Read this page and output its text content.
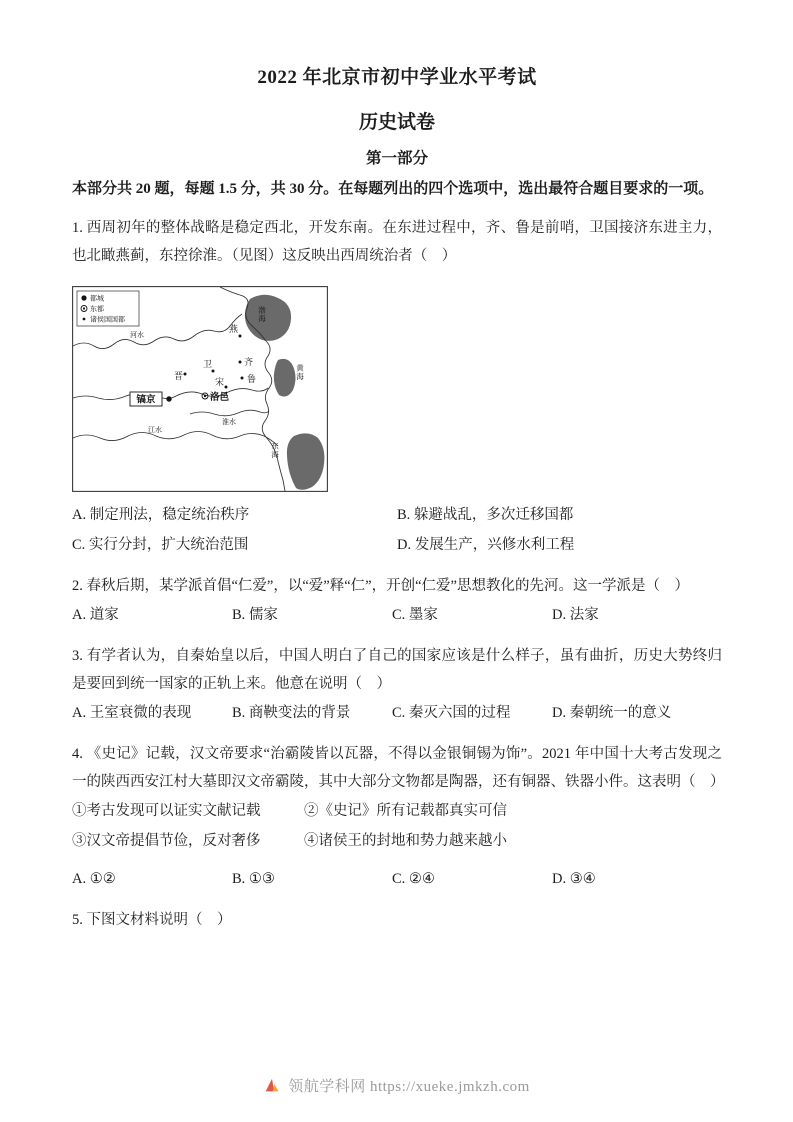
2022 年北京市初中学业水平考试
历史试卷
第一部分

本部分共 20 题，每题 1.5 分，共 30 分。在每题列出的四个选项中，选出最符合题目要求的一项。

1. 西周初年的整体战略是稳定西北，开发东南。在东进过程中，齐、鲁是前哨，卫国接济东进主力，也北瞰燕蓟，东控徐淮。（见图）这反映出西周统治者（　）

都城
东都
诸侯国国都
燕
晋
卫	齐
鲁
宋
洛邑
镐京
渤海
黄海
东海
河水
淮水
江水
A. 制定刑法，稳定统治秩序	B. 躲避战乱，多次迁移国都
C. 实行分封，扩大统治范围	D. 发展生产，兴修水利工程

2. 春秋后期，某学派首倡“仁爱”，以“爱”释“仁”，开创“仁爱”思想教化的先河。这一学派是（　）

A. 道家	B. 儒家	C. 墨家	D. 法家

3. 有学者认为，自秦始皇以后，中国人明白了自己的国家应该是什么样子，虽有曲折，历史大势终归是要回到统一国家的正轨上来。他意在说明（　）

A. 王室衰微的表现	B. 商鞅变法的背景	C. 秦灭六国的过程	D. 秦朝统一的意义

4. 《史记》记载，汉文帝要求“治霸陵皆以瓦器，不得以金银铜锡为饰”。2021 年中国十大考古发现之一的陕西西安江村大墓即汉文帝霸陵，其中大部分文物都是陶器，还有铜器、铁器小件。这表明（　）

①考古发现可以证实文献记载	②《史记》所有记载都真实可信
③汉文帝提倡节俭，反对奢侈	④诸侯王的封地和势力越来越小
A. ①②	B. ①③	C. ②④	D. ③④

5. 下图文材料说明（　）

领航学科网 https://xueke.jmkzh.com
